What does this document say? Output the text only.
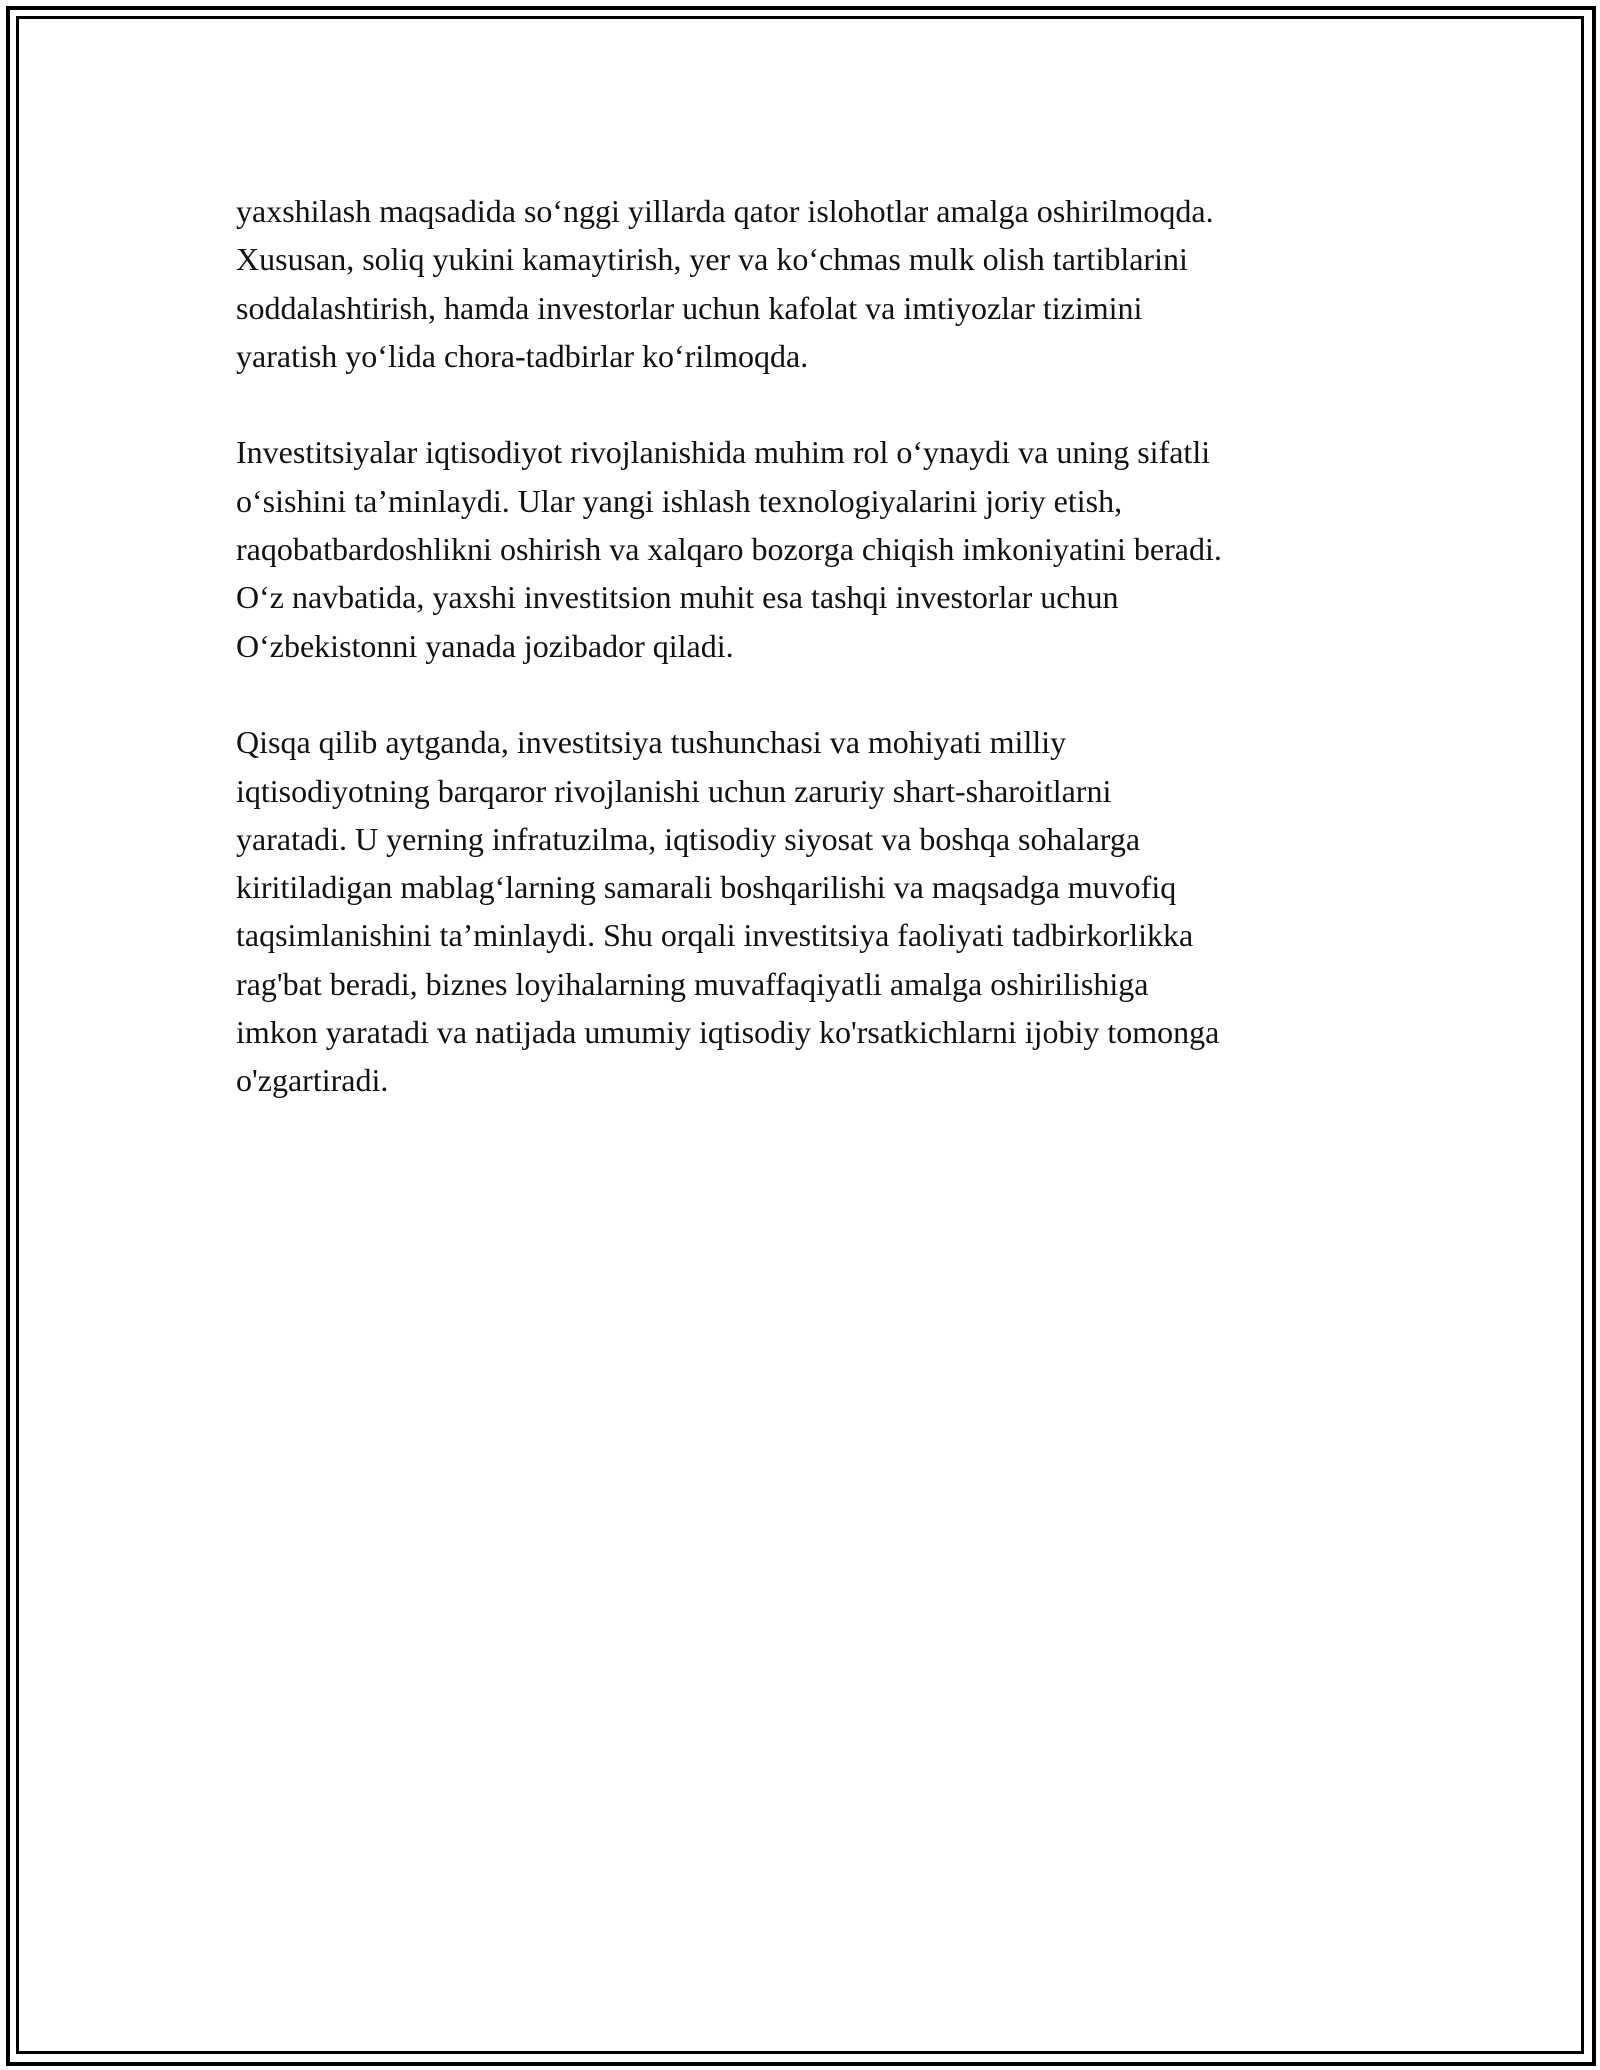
yaxshilash maqsadida so‘nggi yillarda qator islohotlar amalga oshirilmoqda.
Xususan, soliq yukini kamaytirish, yer va ko‘chmas mulk olish tartiblarini
soddalashtirish, hamda investorlar uchun kafolat va imtiyozlar tizimini
yaratish yo‘lida chora-tadbirlar ko‘rilmoqda.

Investitsiyalar iqtisodiyot rivojlanishida muhim rol o‘ynaydi va uning sifatli
o‘sishini ta’minlaydi. Ular yangi ishlash texnologiyalarini joriy etish,
raqobatbardoshlikni oshirish va xalqaro bozorga chiqish imkoniyatini beradi.
O‘z navbatida, yaxshi investitsion muhit esa tashqi investorlar uchun
O‘zbekistonni yanada jozibador qiladi.

Qisqa qilib aytganda, investitsiya tushunchasi va mohiyati milliy
iqtisodiyotning barqaror rivojlanishi uchun zaruriy shart-sharoitlarni
yaratadi. U yerning infratuzilma, iqtisodiy siyosat va boshqa sohalarga
kiritiladigan mablag‘larning samarali boshqarilishi va maqsadga muvofiq
taqsimlanishini ta’minlaydi. Shu orqali investitsiya faoliyati tadbirkorlikka
rag'bat beradi, biznes loyihalarning muvaffaqiyatli amalga oshirilishiga
imkon yaratadi va natijada umumiy iqtisodiy ko'rsatkichlarni ijobiy tomonga
o'zgartiradi.
